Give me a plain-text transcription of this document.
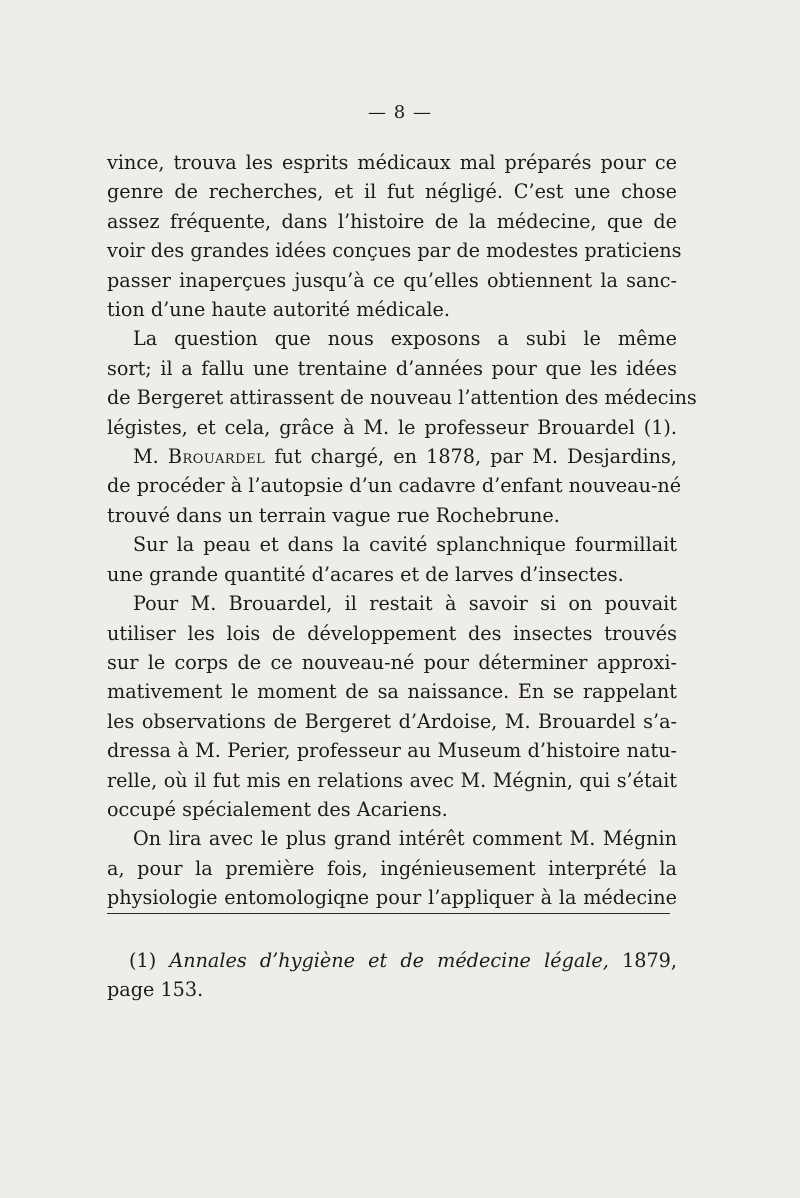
— 8 —
vince, trouva les esprits médicaux mal préparés pour ce
genre de recherches, et il fut négligé. C’est une chose
assez fréquente, dans l’histoire de la médecine, que de
voir des grandes idées conçues par de modestes praticiens
passer inaperçues jusqu’à ce qu’elles obtiennent la sanc-
tion d’une haute autorité médicale.
La question que nous exposons a subi le même
sort; il a fallu une trentaine d’années pour que les idées
de Bergeret attirassent de nouveau l’attention des médecins
légistes, et cela, grâce à M. le professeur Brouardel (1).
M. Brouardel fut chargé, en 1878, par M. Desjardins,
de procéder à l’autopsie d’un cadavre d’enfant nouveau-né
trouvé dans un terrain vague rue Rochebrune.
Sur la peau et dans la cavité splanchnique fourmillait
une grande quantité d’acares et de larves d’insectes.
Pour M. Brouardel, il restait à savoir si on pouvait
utiliser les lois de développement des insectes trouvés
sur le corps de ce nouveau-né pour déterminer approxi-
mativement le moment de sa naissance. En se rappelant
les observations de Bergeret d’Ardoise, M. Brouardel s’a-
dressa à M. Perier, professeur au Museum d’histoire natu-
relle, où il fut mis en relations avec M. Mégnin, qui s’était
occupé spécialement des Acariens.
On lira avec le plus grand intérêt comment M. Mégnin
a, pour la première fois, ingénieusement interprété la
physiologie entomologiqne pour l’appliquer à la médecine
(1) Annales d’hygiène et de médecine légale, 1879,
page 153.
